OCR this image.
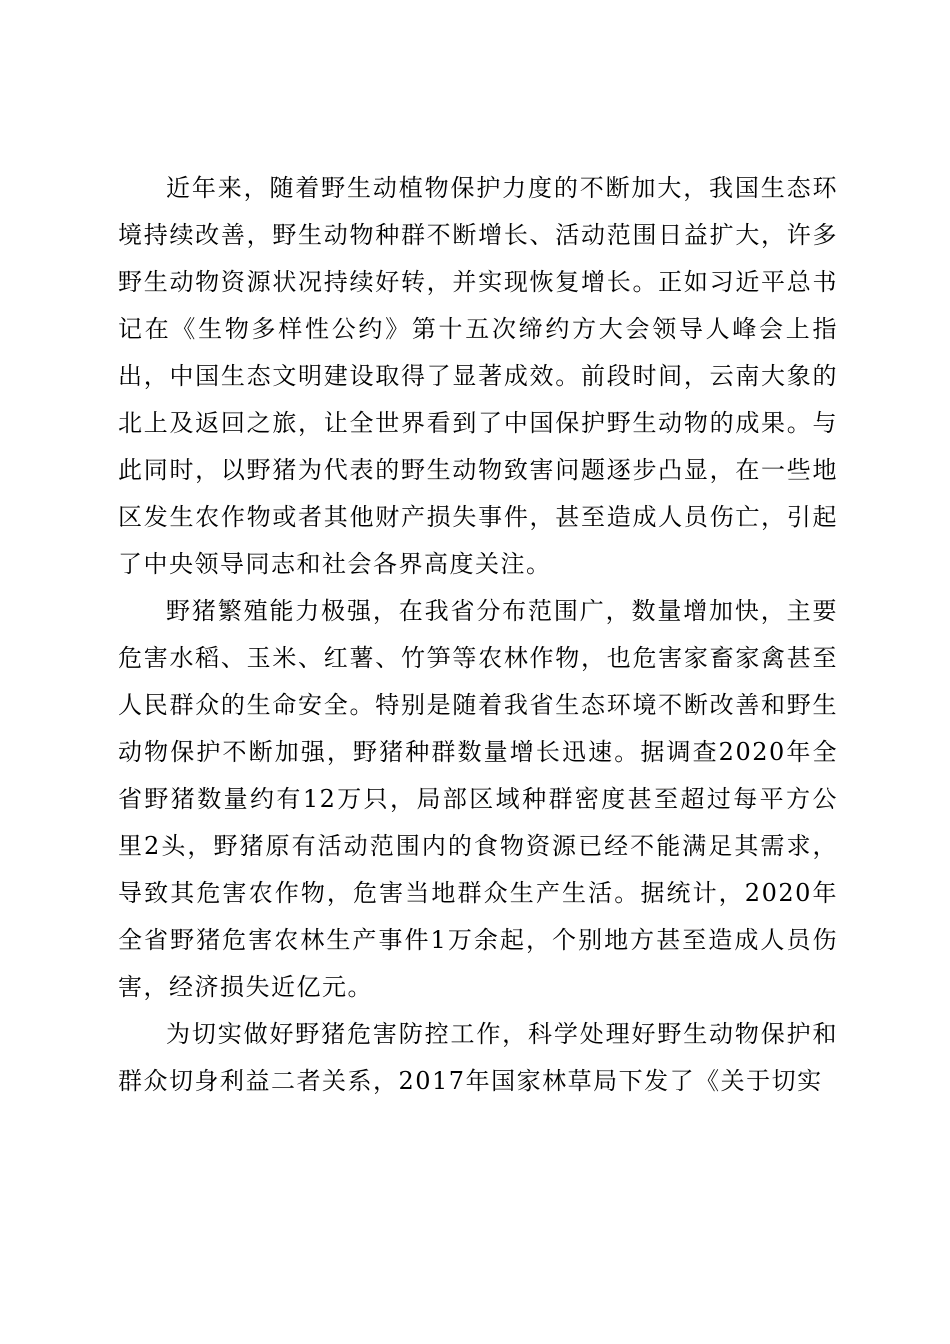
近年来，随着野生动植物保护力度的不断加大，我国生态环境持续改善，野生动物种群不断增长、活动范围日益扩大，许多野生动物资源状况持续好转，并实现恢复增长。正如习近平总书记在《生物多样性公约》第十五次缔约方大会领导人峰会上指出，中国生态文明建设取得了显著成效。前段时间，云南大象的北上及返回之旅，让全世界看到了中国保护野生动物的成果。与此同时，以野猪为代表的野生动物致害问题逐步凸显，在一些地区发生农作物或者其他财产损失事件，甚至造成人员伤亡，引起了中央领导同志和社会各界高度关注。

野猪繁殖能力极强，在我省分布范围广，数量增加快，主要危害水稻、玉米、红薯、竹笋等农林作物，也危害家畜家禽甚至人民群众的生命安全。特别是随着我省生态环境不断改善和野生动物保护不断加强，野猪种群数量增长迅速。据调查2020年全省野猪数量约有12万只，局部区域种群密度甚至超过每平方公里2头，野猪原有活动范围内的食物资源已经不能满足其需求，导致其危害农作物，危害当地群众生产生活。据统计，2020年全省野猪危害农林生产事件1万余起，个别地方甚至造成人员伤害，经济损失近亿元。

为切实做好野猪危害防控工作，科学处理好野生动物保护和群众切身利益二者关系，2017年国家林草局下发了《关于切实
